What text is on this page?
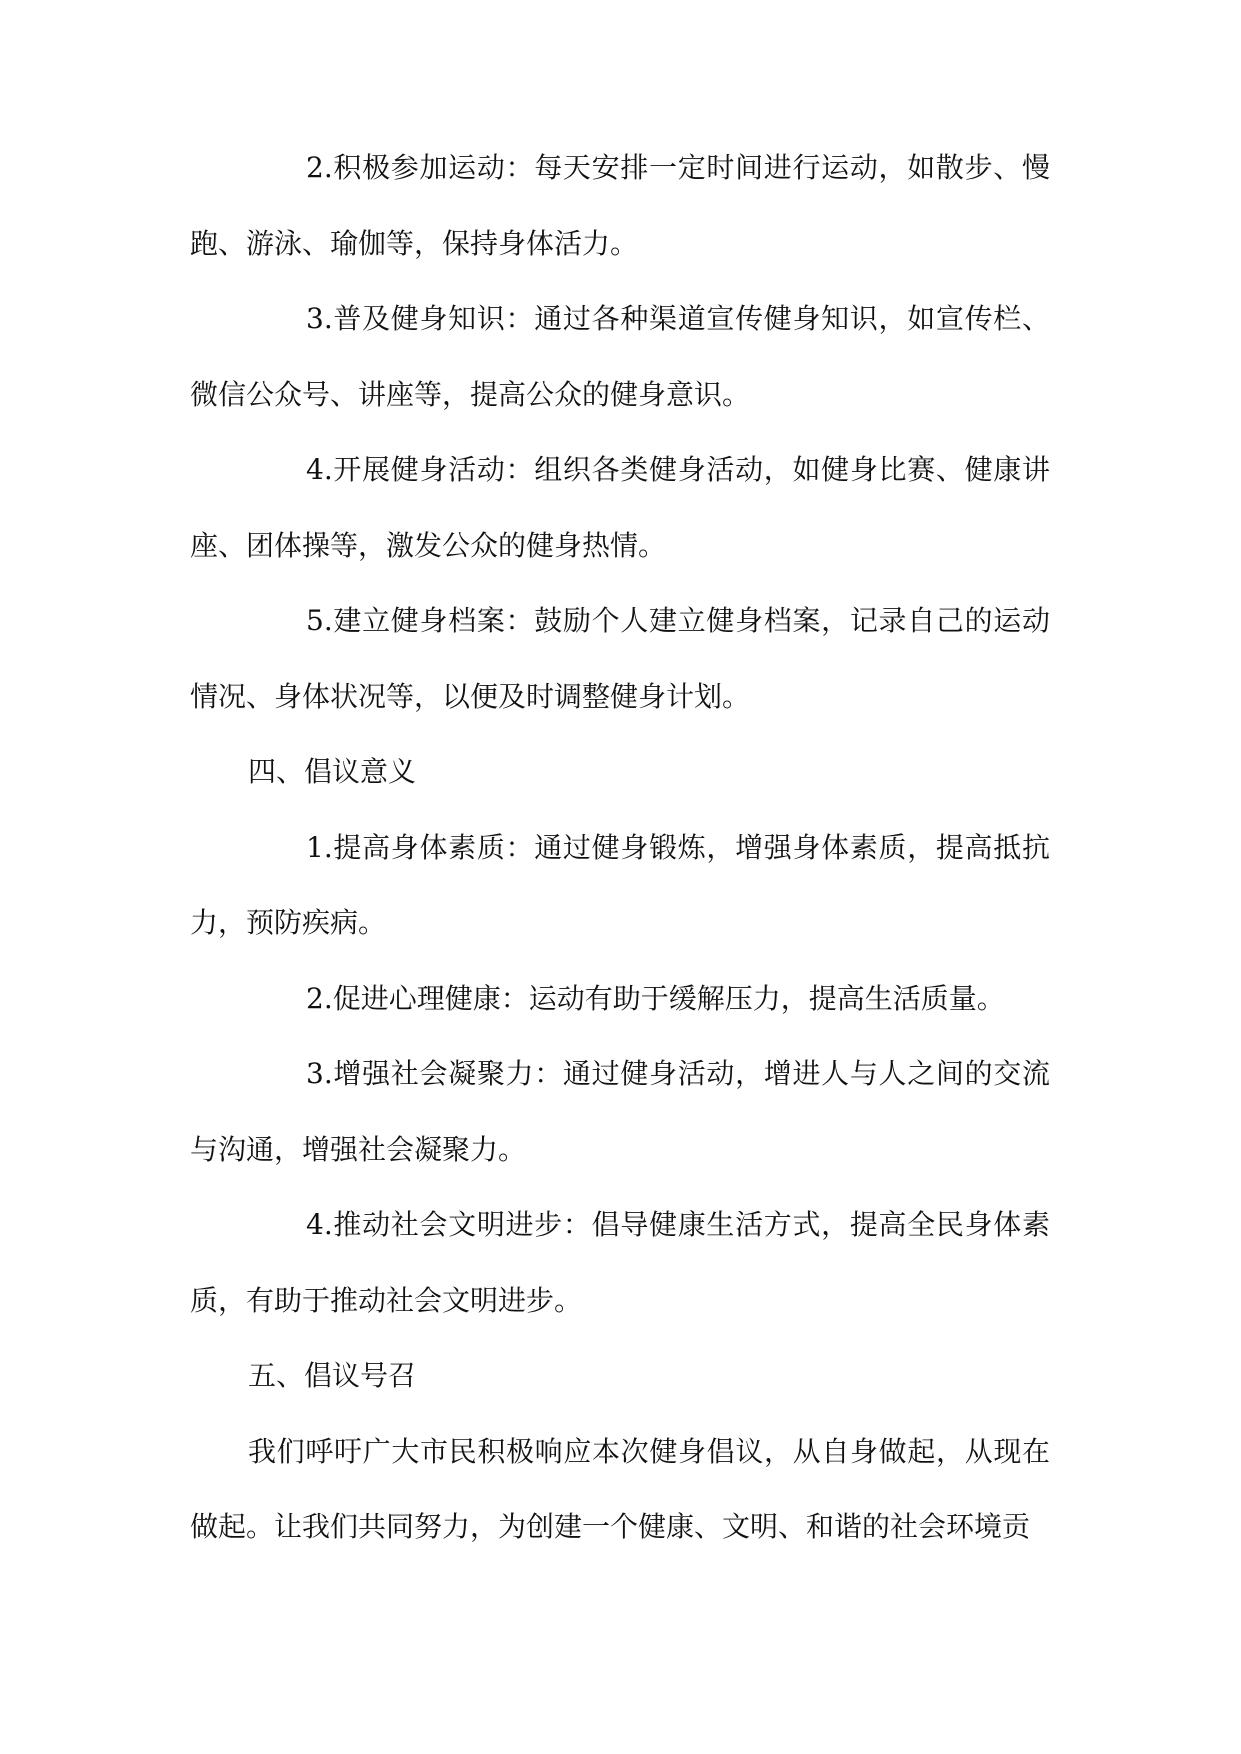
2.积极参加运动：每天安排一定时间进行运动，如散步、慢跑、游泳、瑜伽等，保持身体活力。

3.普及健身知识：通过各种渠道宣传健身知识，如宣传栏、微信公众号、讲座等，提高公众的健身意识。

4.开展健身活动：组织各类健身活动，如健身比赛、健康讲座、团体操等，激发公众的健身热情。

5.建立健身档案：鼓励个人建立健身档案，记录自己的运动情况、身体状况等，以便及时调整健身计划。

四、倡议意义

1.提高身体素质：通过健身锻炼，增强身体素质，提高抵抗力，预防疾病。

2.促进心理健康：运动有助于缓解压力，提高生活质量。

3.增强社会凝聚力：通过健身活动，增进人与人之间的交流与沟通，增强社会凝聚力。

4.推动社会文明进步：倡导健康生活方式，提高全民身体素质，有助于推动社会文明进步。

五、倡议号召

我们呼吁广大市民积极响应本次健身倡议，从自身做起，从现在做起。让我们共同努力，为创建一个健康、文明、和谐的社会环境贡
